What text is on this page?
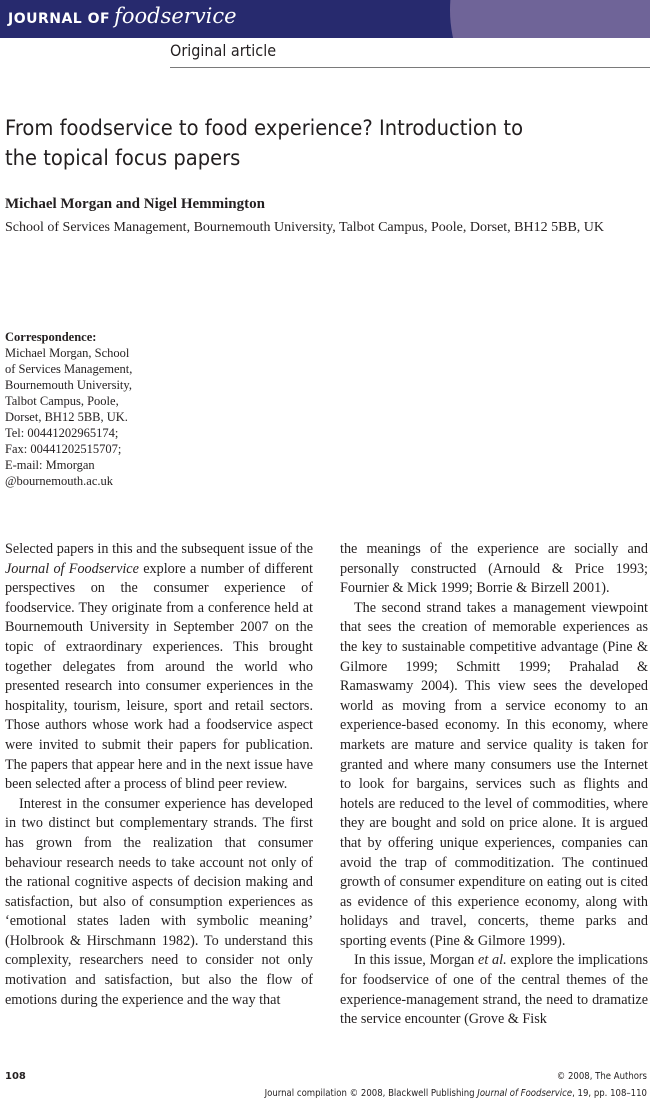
JOURNAL OF foodservice
Original article
From foodservice to food experience? Introduction to
the topical focus papers
Michael Morgan and Nigel Hemmington
School of Services Management, Bournemouth University, Talbot Campus, Poole, Dorset, BH12 5BB, UK
Correspondence:
Michael Morgan, School
of Services Management,
Bournemouth University,
Talbot Campus, Poole,
Dorset, BH12 5BB, UK.
Tel: 00441202965174;
Fax: 00441202515707;
E-mail: Mmorgan
@bournemouth.ac.uk

Selected papers in this and the subsequent issue of the Journal of Foodservice explore a number of different perspectives on the consumer experience of foodservice. They originate from a conference held at Bournemouth University in September 2007 on the topic of extraordinary experiences. This brought together delegates from around the world who presented research into consumer experiences in the hospitality, tourism, leisure, sport and retail sectors. Those authors whose work had a foodservice aspect were invited to submit their papers for publication. The papers that appear here and in the next issue have been selected after a process of blind peer review.

Interest in the consumer experience has developed in two distinct but complementary strands. The first has grown from the realization that consumer behaviour research needs to take account not only of the rational cognitive aspects of decision making and satisfaction, but also of consumption experiences as ‘emotional states laden with symbolic meaning’ (Holbrook & Hirschmann 1982). To understand this complexity, researchers need to consider not only motivation and satisfaction, but also the flow of emotions during the experience and the way that

the meanings of the experience are socially and personally constructed (Arnould & Price 1993; Fournier & Mick 1999; Borrie & Birzell 2001).

The second strand takes a management viewpoint that sees the creation of memorable experiences as the key to sustainable competitive advantage (Pine & Gilmore 1999; Schmitt 1999; Prahalad & Ramaswamy 2004). This view sees the developed world as moving from a service economy to an experience-based economy. In this economy, where markets are mature and service quality is taken for granted and where many consumers use the Internet to look for bargains, services such as flights and hotels are reduced to the level of commodities, where they are bought and sold on price alone. It is argued that by offering unique experiences, companies can avoid the trap of commoditization. The continued growth of consumer expenditure on eating out is cited as evidence of this experience economy, along with holidays and travel, concerts, theme parks and sporting events (Pine & Gilmore 1999).

In this issue, Morgan et al. explore the implications for foodservice of one of the central themes of the experience-management strand, the need to dramatize the service encounter (Grove & Fisk

108	© 2008, The Authors
Journal compilation © 2008, Blackwell Publishing Journal of Foodservice, 19, pp. 108–110
